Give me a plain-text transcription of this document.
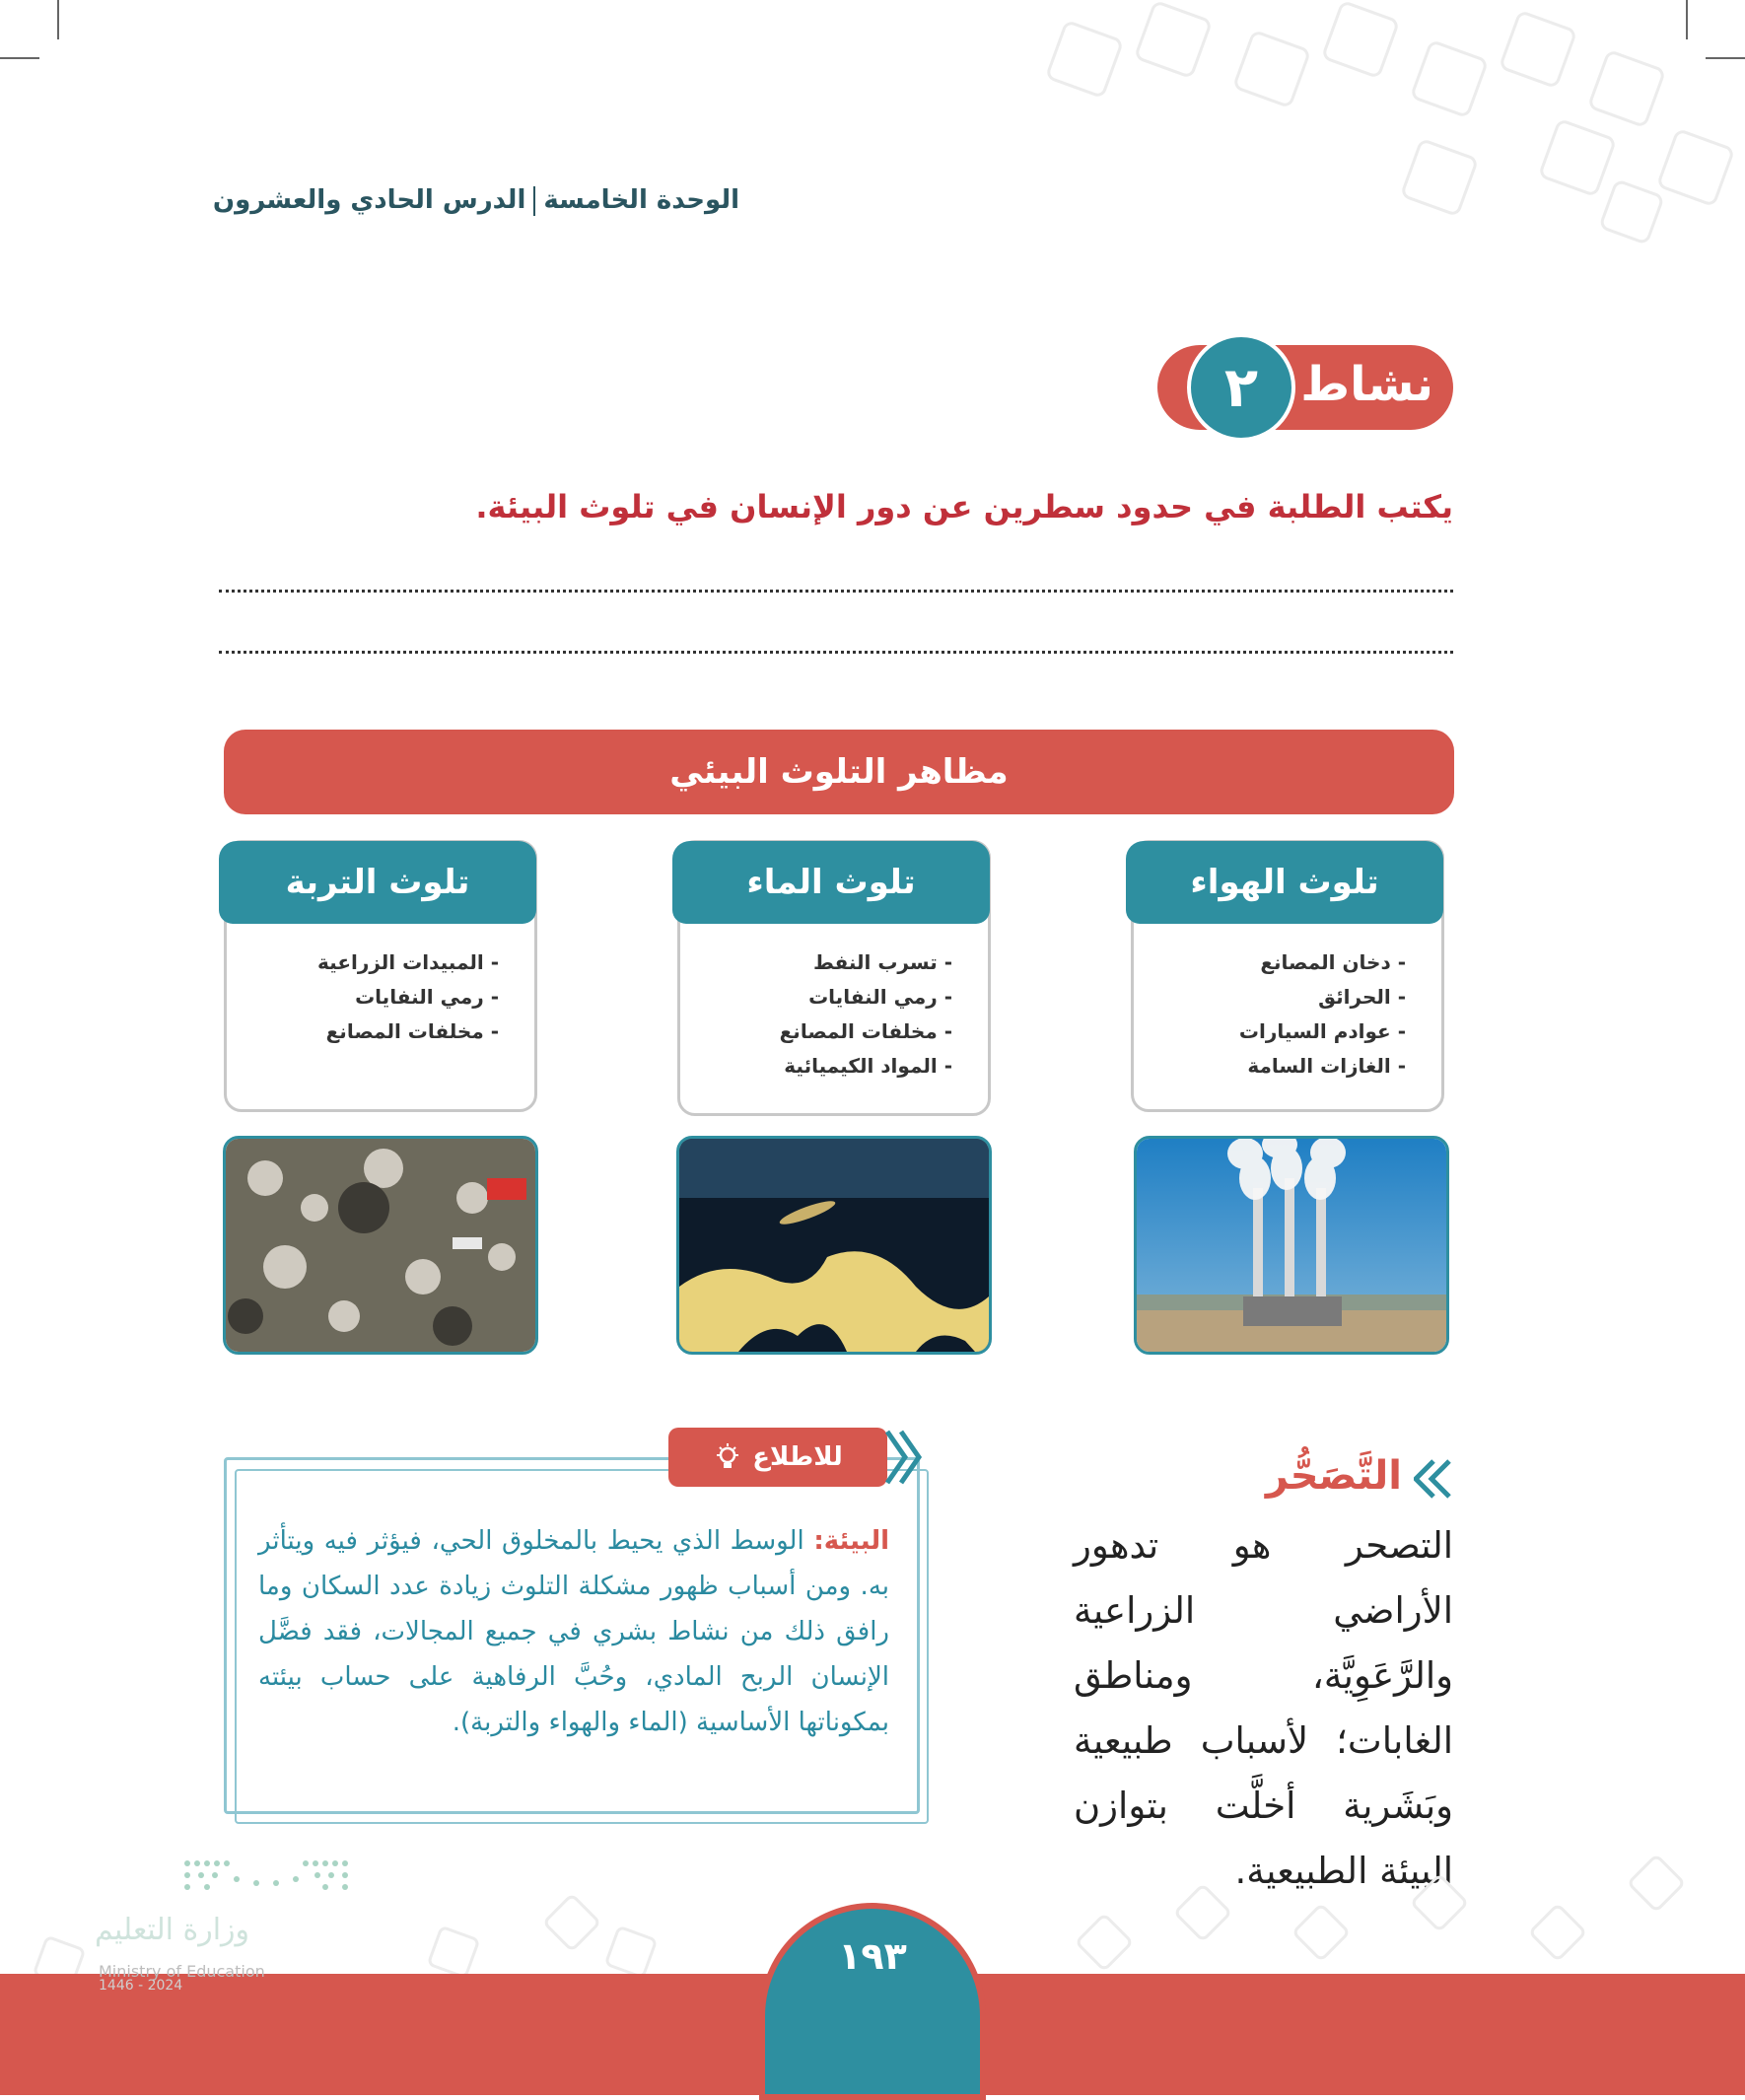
الوحدة الخامسةالدرس الحادي والعشرون
نشاط
٢
يكتب الطلبة في حدود سطرين عن دور الإنسان في تلوث البيئة.
مظاهر التلوث البيئي
تلوث الهواء
- دخان المصانع
- الحرائق
- عوادم السيارات
- الغازات السامة
تلوث الماء
- تسرب النفط
- رمي النفايات
- مخلفات المصانع
- المواد الكيميائية
تلوث التربة
- المبيدات الزراعية
- رمي النفايات
- مخلفات المصانع
التَّصَحُّر
التصحر هو تدهور الأراضي الزراعية والرَّعَوِيَّة، ومناطق الغابات؛ لأسباب طبيعية وبَشَرية أخلَّت بتوازن البيئة الطبيعية.
للاطلاع
البيئة: الوسط الذي يحيط بالمخلوق الحي، فيؤثر فيه ويتأثر به. ومن أسباب ظهور مشكلة التلوث زيادة عدد السكان وما رافق ذلك من نشاط بشري في جميع المجالات، فقد فضَّل الإنسان الربح المادي، وحُبَّ الرفاهية على حساب بيئته بمكوناتها الأساسية (الماء والهواء والتربة).
١٩٣
وزارة التعليم
Ministry of Education
2024 - 1446
